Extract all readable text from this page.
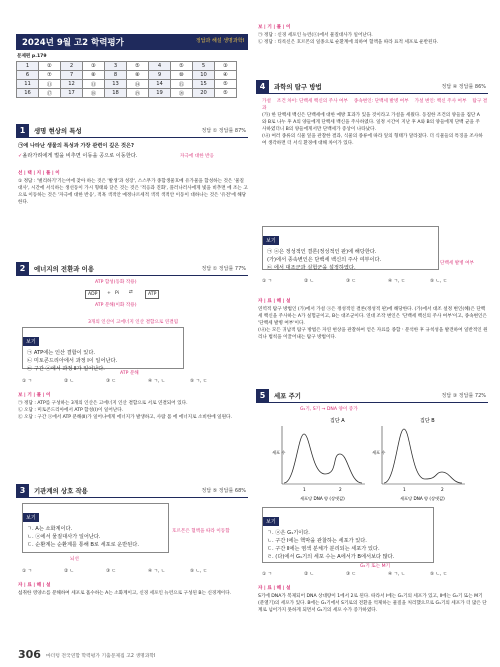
2024년 9월 고2 학력평가	정답과 해설 생명과학Ⅰ
문제편 p.179
1	②	2	③	3	⑤	4	⑤	5	③
6	⑦	7	⑧	8	⑧	9	⑩	10	④
11	⑪	12	⑬	13	⑭	14	⑮	15	⑤
16	⑰	17	⑱	18	⑲	19	⑳	20	⑤
1	생명 현상의 특성	정답 ① 정답률 87%
㉠에 나타난 생물의 특성과 가장 관련이 깊은 것은?
✓올라가려에게 벌을 비추면 이동을 공으로 이동한다.	자극에 대한 반응
선 | 택 | 지 | 풀 | 이
① 정답 : '벌리하기'기는어에 찾아 하는 것은 '발생'과 성장', 스스무가 종합생물호메 유가물을 합성하는 것은 '물질대사', 시간에 서식하는 생선동이 가시 형태와 닫은 것는 것은 '적응과 진화', 플러나러사에게 빛을 비추면 에 조는 고으로 이동하는 것은 '자극에 대한 반응', 적흑 색적안 예정나르세적 색적 색적안 이동이 대하나는 것은 '유전'에 해당한다.
2	에너지의 전환과 이용	정답 ① 정답률 77%
ATP 합성(동화 작용)
ADP	+ Pi ⇄	ATP
ATP 분해(이화 작용)
3개의 인산이 고에너지 인산 결합으로 연결됨
보기
㉠ ATP에는 인산 결합이 있다.
㉡ 미토콘드리아에서 과정 Ⅰ이 일어난다.
㉢ 구간 ⓐ에서 과정 Ⅱ가 일어난다.
ATP 분해
① ㄱ	② ㄴ	③ ㄷ	④ ㄱ, ㄴ	⑤ ㄱ, ㄷ
보 | 기 | 풀 | 이
㉠ 정답 : ATP를 구성하는 3개의 인산은 고에너지 인산 결합으로 서로 연결되어 있다.
㉡ 오답 : 미토콘드리아에서 ATP 합성(Ⅰ)이 일어난다.
㉢ 오답 : 구간 ⓐ에서 ATP 분해(Ⅱ)가 일어나에게 에너지가 발생하고, 사람 몸 에 에너지로 소비한에 일원다.
3	기관계의 상호 작용	정답 ⑤ 정답률 68%
보기
ㄱ. A는 소화계이다.
ㄴ. ⓐ에서 물질대사가 일어난다.
ㄷ. 순환계는 순환계를 통해 B로 세포로 운반된다.
호르몬은 혈액을 따라 이동함
뇌선
① ㄱ	② ㄴ	③ ㄷ	④ ㄱ, ㄴ	⑤ ㄴ, ㄷ
자 | 료 | 해 | 설
섭취한 영양소를 분해하여 세포로 흡수하는 A는 소화계이고, 신경 세포인 뉴런으로 구성된 B는 신경계이다.
보 | 기 | 풀 | 이
㉠ 정답 : 신경 세포인 뉴런(ⓐ)에서 물질대사가 일어난다.
㉡ 정답 : 티록신은 호르몬의 일종으로 순환계에 의하여 혈액을 따라 표적 세포로 운반된다.
4	과학의 탐구 방법	정답 ④ 정답률 86%
가설 조건 차이: 단백세 백신의 주사 여부 종속변인: 단백세 발병 여부 가설 변인: 백신 주사 여부 탐구 결과
(가) 한 단백세 백신은 단백세에 대한 예방 효과가 있을 것이라고 가설을 세웠다. 동질한 조건의 양들을 집단 A와 B로 나누 후 A의 양들에게 단백세 백신을 주사하였다. 일정 시간이 지난 후 A와 B의 양들에게 단백 균을 주사하였더니 B의 양들에게서만 단백세가 증상이 나타났다.
(나) 여러 종류의 식물 잎을 관찰한 결과, 식물의 종류에 따라 잎의 형태가 달라졌다. 더 식물들의 특징을 조사하여 생각하면 더 서식 환경에 대해 차이가 있다.
보기
㉠ ⓐ은 정성적인 결론(정성적인 판)에 해당한다.
(가)에서 종속변인은 단백세 백신의 주사 여부이다.
㉢ 에서 대조군과 실험군을 설정하였다.
단백세 발병 여부
① ㄱ	② ㄴ	③ ㄷ	④ ㄱ, ㄷ	⑤ ㄴ, ㄷ
자 | 료 | 해 | 설
연역적 탐구 방법인 (가)에서 가설 ⓐ은 정성적인 결론(정성적 판)에 해당한다. (가)에서 대조 설정 변인(혜)은 단백세 백신을 주사하는 A가 실험군이고, B는 대조군이다. 연대 조작 변인은 '단백세 백신의 주사 여부'이고, 종속변인은 '단백세 발병 여부'이다.
(나)는 모든 귀납적 탐구 방법은 자연 현상을 관찰하여 얻은 자료를 종합ㆍ분석한 후 규칙성을 발견하여 일반적인 원리나 법칙을 이끌어내는 탐구 방법이다.
5	세포 주기	정답 ③ 정답률 72%
G₁기, S기 → DNA 양이 증가
집단 A	집단 B
세포 수	세포 수
1	2	1	2
세포당 DNA 양 (상댓값)	세포당 DNA 양 (상댓값)
보기
ㄱ. ⓐ은 G₁기이다.
ㄴ. 구간 Ⅰ에는 핵막을 관찰하는 세포가 있다.
ㄷ. 구간 Ⅱ에는 염색 분체가 분리되는 세포가 있다.
ㄹ. (다)에서 G₁기의 세포 수는 A에서가 B에서보다 많다.
G₂기 또는 M기
① ㄱ	② ㄴ	③ ㄷ	④ ㄱ, ㄴ	⑤ ㄴ, ㄷ
자 | 료 | 해 | 설
S기에 DNA가 복제되어 DNA 상대량이 1에서 2로 된다. 따라서 Ⅰ에는 G₁기의 세포가 있고, Ⅱ에는 G₂기 또는 M기(분열기)의 세포가 있다. B에는 G₁기에서 S기로의 전환을 억제하는 물질을 처리했으므로 G₁기의 세포가 더 많은 단계로 넘어가지 못하게 되면서 G₁기의 세포 수가 증가하였다.
306 마더텅 전국연합 학력평가 기출문제집 고2 생명과학Ⅰ
